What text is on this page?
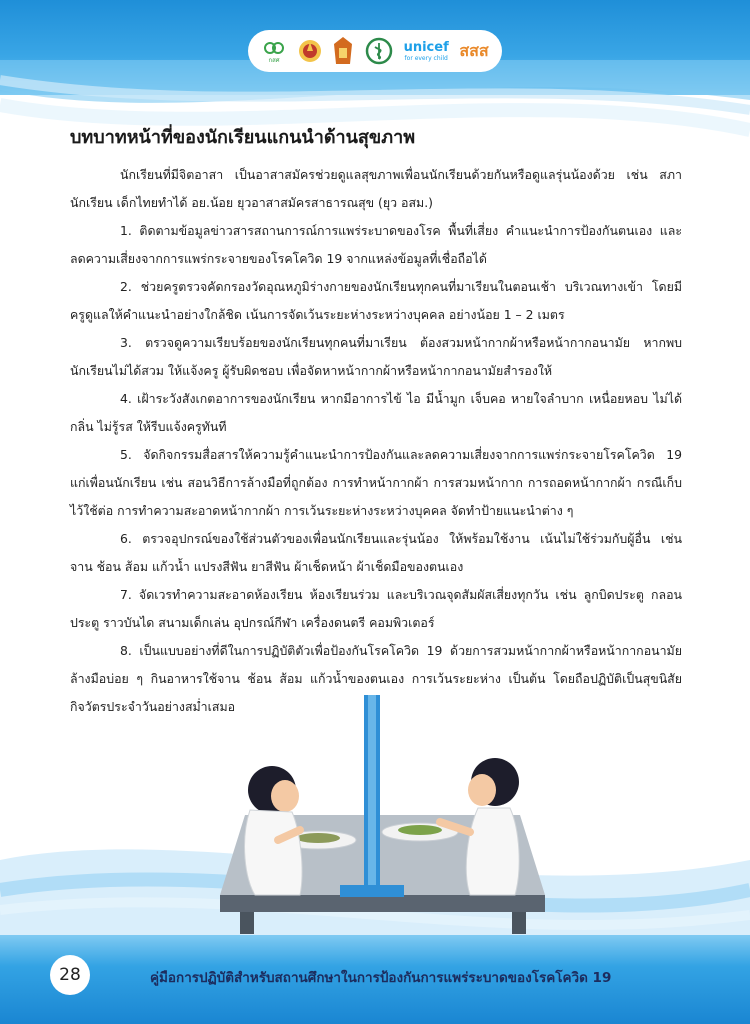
กสศ
unicef
for every child สสส
บทบาทหน้าที่ของนักเรียนแกนนำด้านสุขภาพ

นักเรียนที่มีจิตอาสา เป็นอาสาสมัครช่วยดูแลสุขภาพเพื่อนนักเรียนด้วยกันหรือดูแลรุ่นน้องด้วย เช่น สภานักเรียน เด็กไทยทำได้ อย.น้อย ยุวอาสาสมัครสาธารณสุข (ยุว อสม.)

1. ติดตามข้อมูลข่าวสารสถานการณ์การแพร่ระบาดของโรค พื้นที่เสี่ยง คำแนะนำการป้องกันตนเอง และลดความเสี่ยงจากการแพร่กระจายของโรคโควิด 19 จากแหล่งข้อมูลที่เชื่อถือได้

2. ช่วยครูตรวจคัดกรองวัดอุณหภูมิร่างกายของนักเรียนทุกคนที่มาเรียนในตอนเช้า บริเวณทางเข้า โดยมีครูดูแลให้คำแนะนำอย่างใกล้ชิด เน้นการจัดเว้นระยะห่างระหว่างบุคคล อย่างน้อย 1 – 2 เมตร

3. ตรวจดูความเรียบร้อยของนักเรียนทุกคนที่มาเรียน ต้องสวมหน้ากากผ้าหรือหน้ากากอนามัย หากพบนักเรียนไม่ได้สวม ให้แจ้งครู ผู้รับผิดชอบ เพื่อจัดหาหน้ากากผ้าหรือหน้ากากอนามัยสำรองให้

4. เฝ้าระวังสังเกตอาการของนักเรียน หากมีอาการไข้ ไอ มีน้ำมูก เจ็บคอ หายใจลำบาก เหนื่อยหอบ ไม่ได้กลิ่น ไม่รู้รส ให้รีบแจ้งครูทันที

5. จัดกิจกรรมสื่อสารให้ความรู้คำแนะนำการป้องกันและลดความเสี่ยงจากการแพร่กระจายโรคโควิด 19 แก่เพื่อนนักเรียน เช่น สอนวิธีการล้างมือที่ถูกต้อง การทำหน้ากากผ้า การสวมหน้ากาก การถอดหน้ากากผ้า กรณีเก็บไว้ใช้ต่อ การทำความสะอาดหน้ากากผ้า การเว้นระยะห่างระหว่างบุคคล จัดทำป้ายแนะนำต่าง ๆ

6. ตรวจอุปกรณ์ของใช้ส่วนตัวของเพื่อนนักเรียนและรุ่นน้อง ให้พร้อมใช้งาน เน้นไม่ใช้ร่วมกับผู้อื่น เช่น จาน ช้อน ส้อม แก้วน้ำ แปรงสีฟัน ยาสีฟัน ผ้าเช็ดหน้า ผ้าเช็ดมือของตนเอง

7. จัดเวรทำความสะอาดห้องเรียน ห้องเรียนร่วม และบริเวณจุดสัมผัสเสี่ยงทุกวัน เช่น ลูกบิดประตู กลอนประตู ราวบันได สนามเด็กเล่น อุปกรณ์กีฬา เครื่องดนตรี คอมพิวเตอร์

8. เป็นแบบอย่างที่ดีในการปฏิบัติตัวเพื่อป้องกันโรคโควิด 19 ด้วยการสวมหน้ากากผ้าหรือหน้ากากอนามัย ล้างมือบ่อย ๆ กินอาหารใช้จาน ช้อน ส้อม แก้วน้ำของตนเอง การเว้นระยะห่าง เป็นต้น โดยถือปฏิบัติเป็นสุขนิสัยกิจวัตรประจำวันอย่างสม่ำเสมอ

28	คู่มือการปฏิบัติสำหรับสถานศึกษาในการป้องกันการแพร่ระบาดของโรคโควิด 19
